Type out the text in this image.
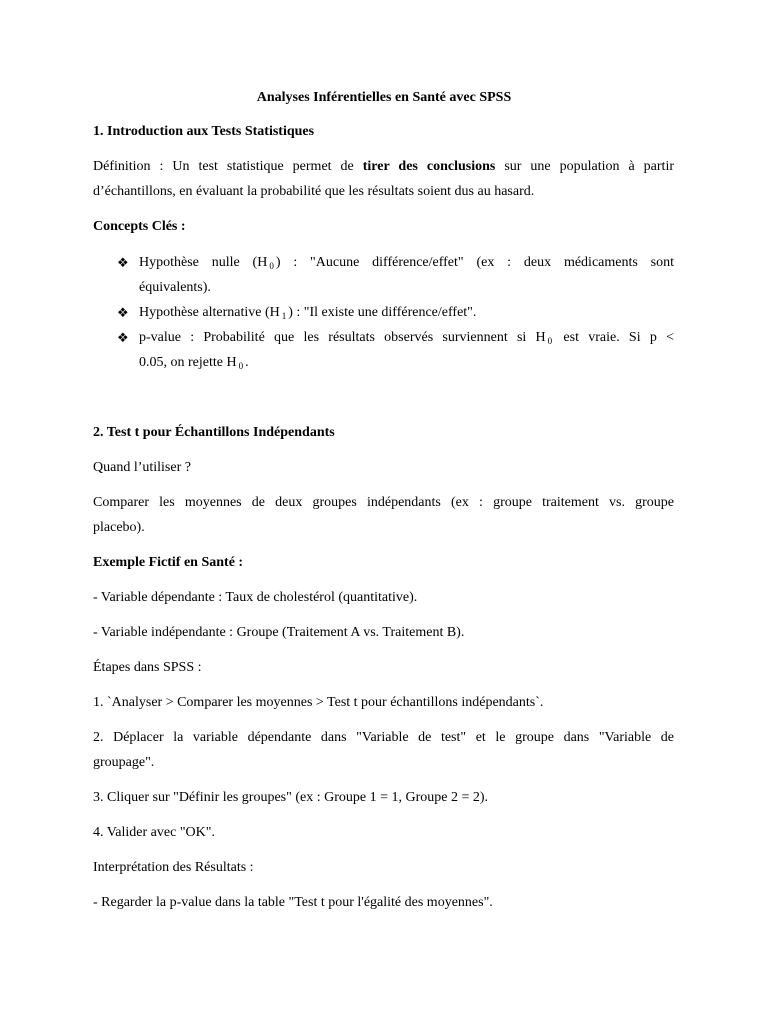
Analyses Inférentielles en Santé avec SPSS
1. Introduction aux Tests Statistiques
Définition : Un test statistique permet de tirer des conclusions sur une population à partir
d’échantillons, en évaluant la probabilité que les résultats soient dus au hasard.
Concepts Clés :
❖ Hypothèse nulle (H $_0$ ) : "Aucune différence/effet" (ex : deux médicaments sont
équivalents).
❖ Hypothèse alternative (H $_1$ ) : "Il existe une différence/effet".
❖ p-value : Probabilité que les résultats observés surviennent si H $_0$ est vraie. Si p <
0.05, on rejette H $_0$ .
2. Test t pour Échantillons Indépendants
Quand l’utiliser ?
Comparer les moyennes de deux groupes indépendants (ex : groupe traitement vs. groupe
placebo).
Exemple Fictif en Santé :
- Variable dépendante : Taux de cholestérol (quantitative).
- Variable indépendante : Groupe (Traitement A vs. Traitement B).
Étapes dans SPSS :
1. `Analyser > Comparer les moyennes > Test t pour échantillons indépendants`.
2. Déplacer la variable dépendante dans "Variable de test" et le groupe dans "Variable de
groupage".
3. Cliquer sur "Définir les groupes" (ex : Groupe 1 = 1, Groupe 2 = 2).
4. Valider avec "OK".
Interprétation des Résultats :
- Regarder la p-value dans la table "Test t pour l'égalité des moyennes".
